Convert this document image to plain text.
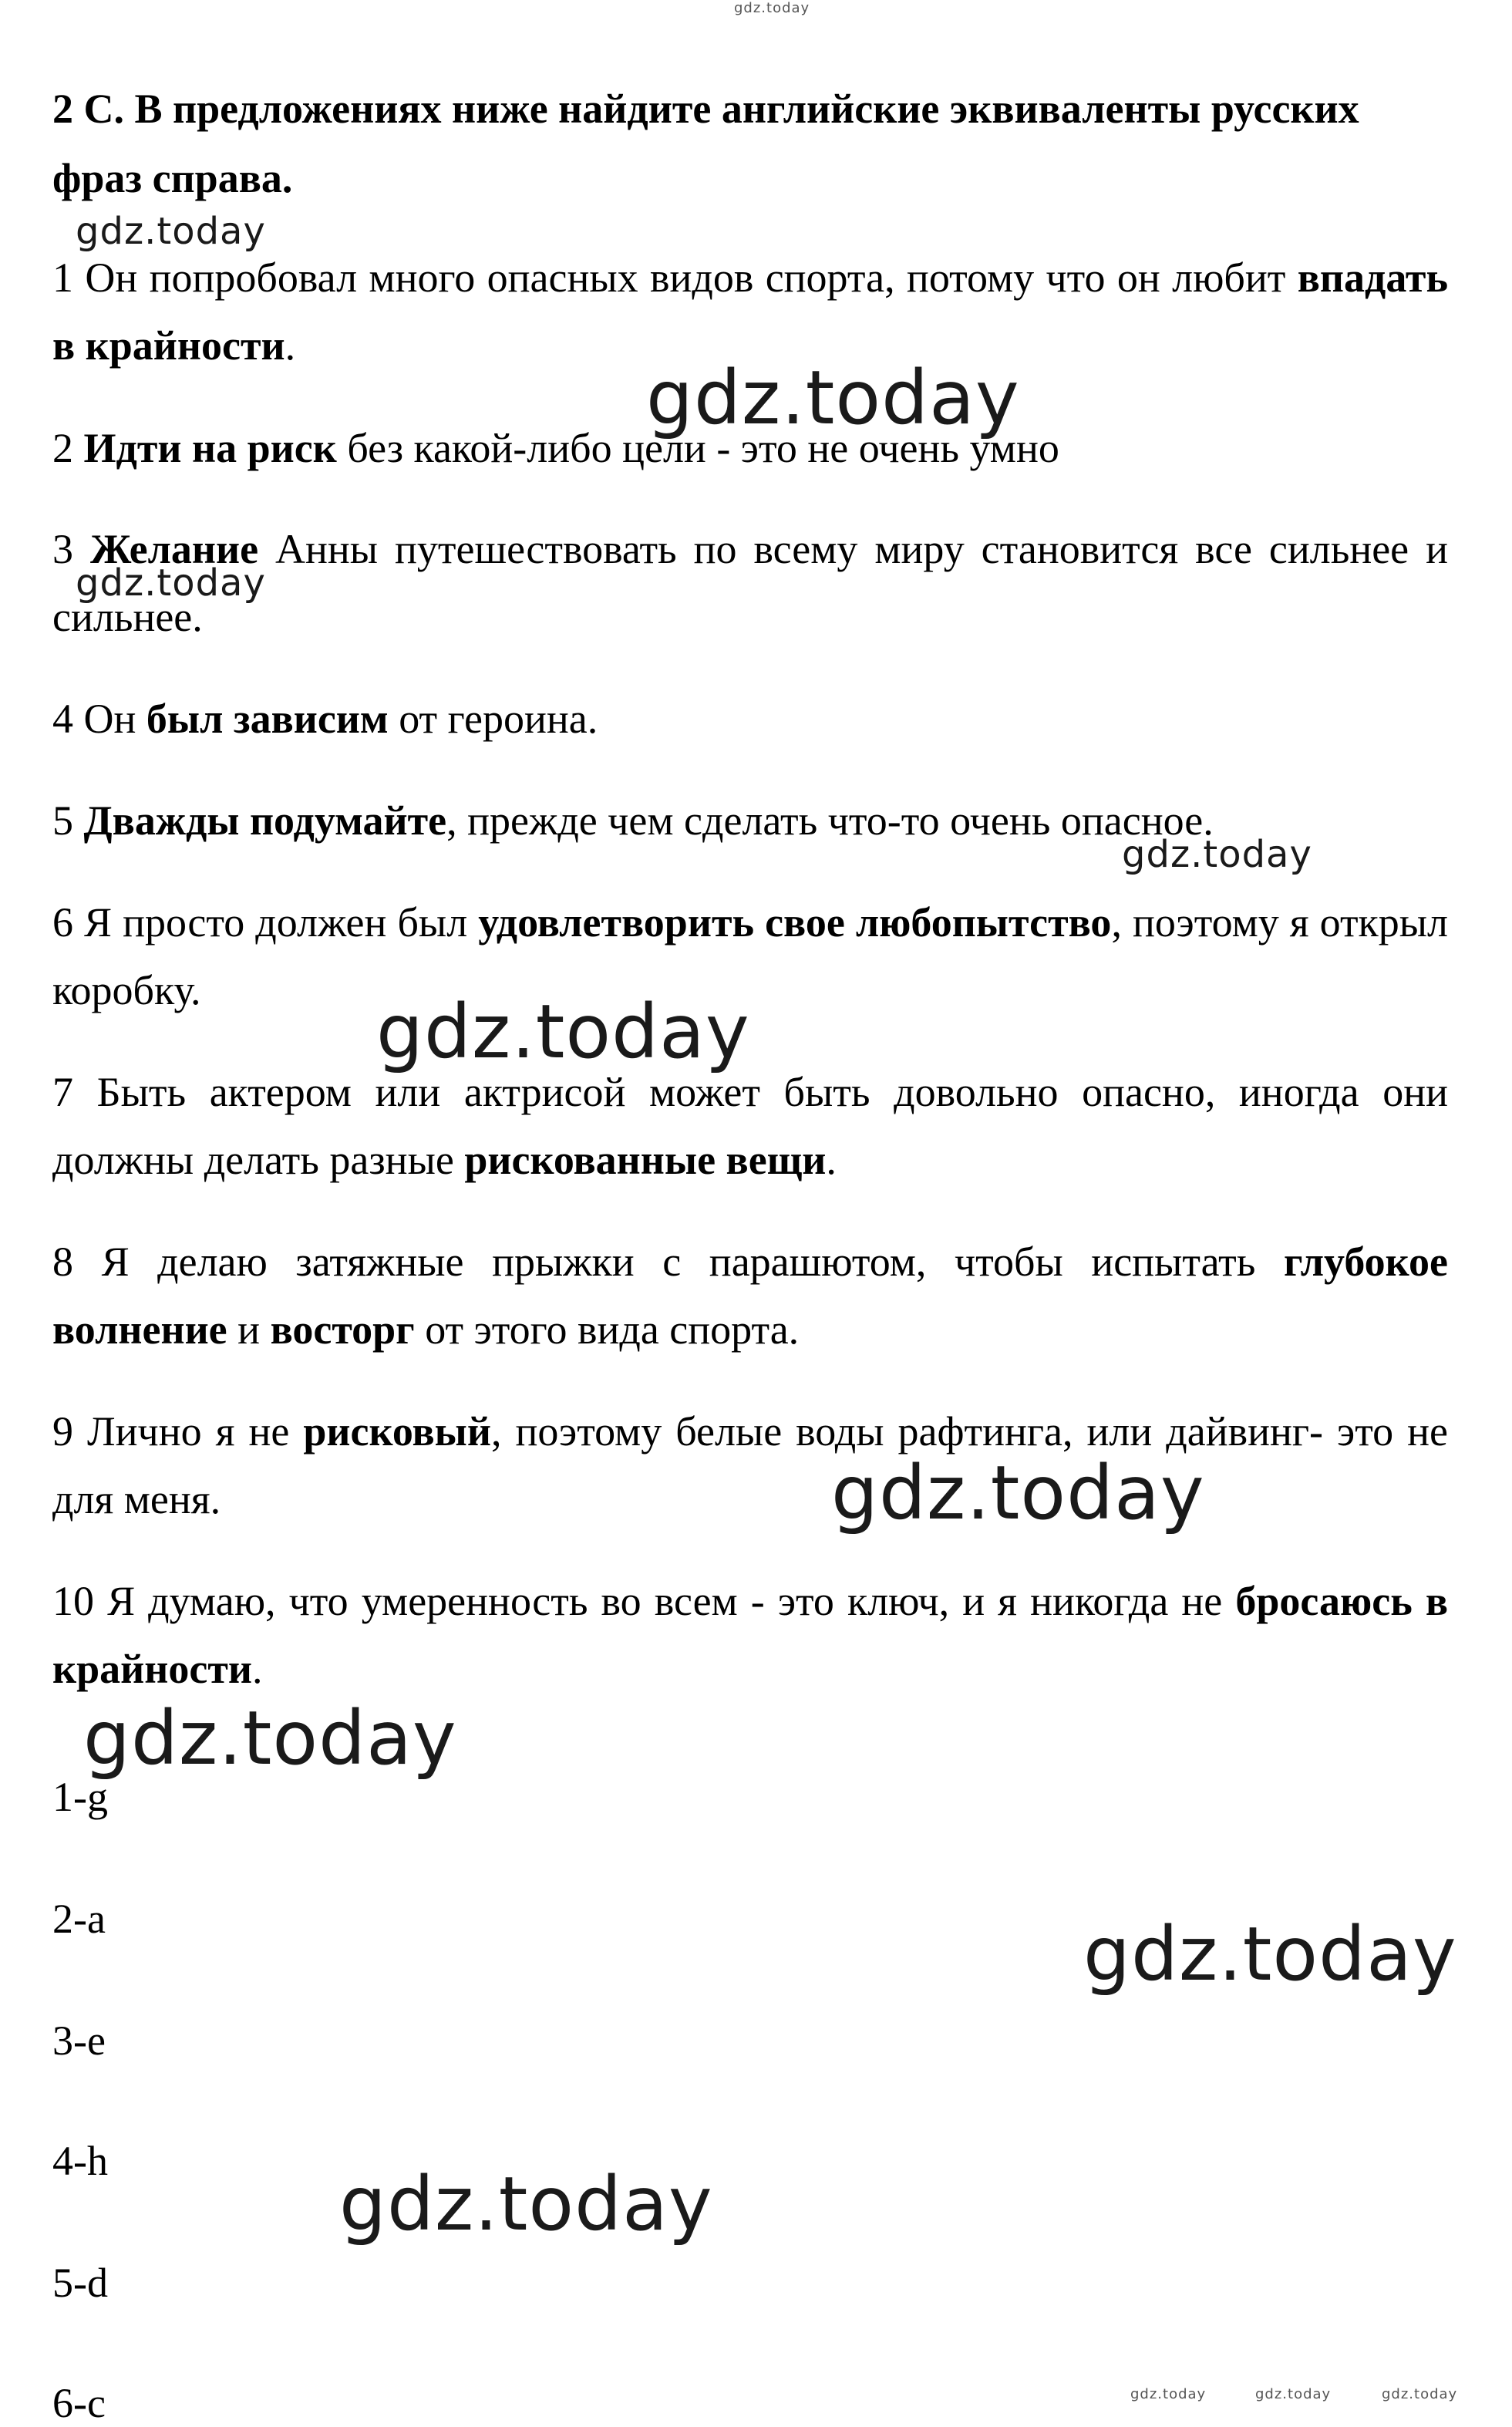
gdz.today
2 С. В предложениях ниже найдите английские эквиваленты русских фраз справа.
gdz.today
1 Он попробовал много опасных видов спорта, потому что он любит впадать в крайности.
gdz.today
2 Идти на риск без какой-либо цели - это не очень умно
3 Желание Анны путешествовать по всему миру становится все сильнее и сильнее.
gdz.today
4 Он был зависим от героина.
5 Дважды подумайте, прежде чем сделать что-то очень опасное.
gdz.today
6 Я просто должен был удовлетворить свое любопытство, поэтому я открыл коробку.	gdz.today
7 Быть актером или актрисой может быть довольно опасно, иногда они должны делать разные рискованные вещи.
8 Я делаю затяжные прыжки с парашютом, чтобы испытать глубокое волнение и восторг от этого вида спорта.
9 Лично я не рисковый, поэтому белые воды рафтинга, или дайвинг- это не для меня.	gdz.today
10 Я думаю, что умеренность во всем - это ключ, и я никогда не бросаюсь в крайности.
gdz.today
1-g
2-a	gdz.today
3-e
4-h	gdz.today
5-d
6-c	gdz.today	gdz.today	gdz.today
